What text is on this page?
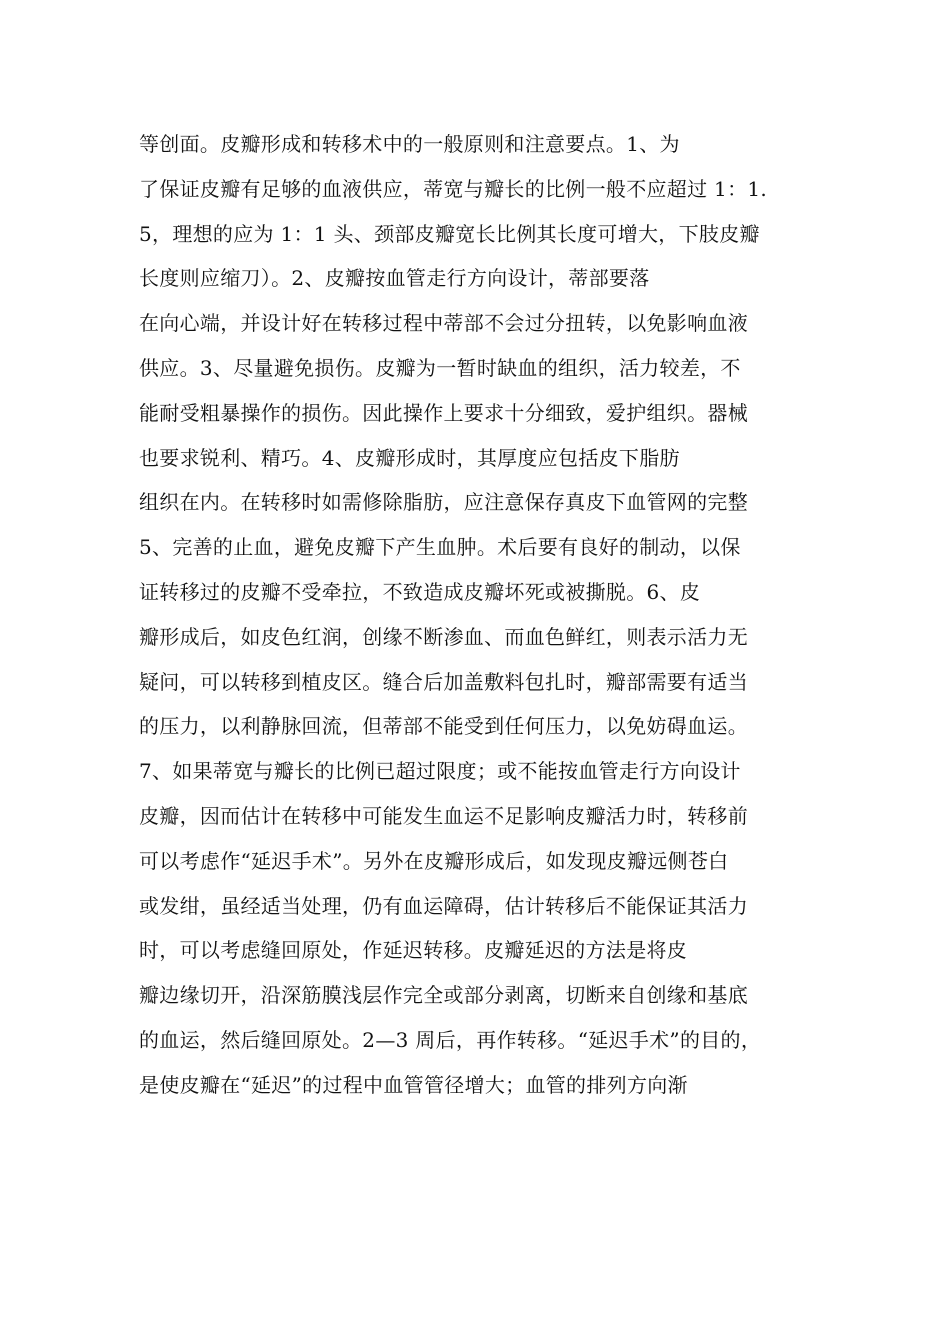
等创面。皮瓣形成和转移术中的一般原则和注意要点。1、为
了保证皮瓣有足够的血液供应，蒂宽与瓣长的比例一般不应超过 1：1.
5，理想的应为 1：1 头、颈部皮瓣宽长比例其长度可增大，下肢皮瓣
长度则应缩刀）。2、皮瓣按血管走行方向设计，蒂部要落
在向心端，并设计好在转移过程中蒂部不会过分扭转，以免影响血液
供应。3、尽量避免损伤。皮瓣为一暂时缺血的组织，活力较差，不
能耐受粗暴操作的损伤。因此操作上要求十分细致，爱护组织。器械
也要求锐利、精巧。4、皮瓣形成时，其厚度应包括皮下脂肪
组织在内。在转移时如需修除脂肪，应注意保存真皮下血管网的完整
5、完善的止血，避免皮瓣下产生血肿。术后要有良好的制动，以保
证转移过的皮瓣不受牵拉，不致造成皮瓣坏死或被撕脱。6、皮
瓣形成后，如皮色红润，创缘不断渗血、而血色鲜红，则表示活力无
疑问，可以转移到植皮区。缝合后加盖敷料包扎时，瓣部需要有适当
的压力，以利静脉回流，但蒂部不能受到任何压力，以免妨碍血运。
7、如果蒂宽与瓣长的比例已超过限度；或不能按血管走行方向设计
皮瓣，因而估计在转移中可能发生血运不足影响皮瓣活力时，转移前
可以考虑作“延迟手术”。另外在皮瓣形成后，如发现皮瓣远侧苍白
或发绀，虽经适当处理，仍有血运障碍，估计转移后不能保证其活力
时，可以考虑缝回原处，作延迟转移。皮瓣延迟的方法是将皮
瓣边缘切开，沿深筋膜浅层作完全或部分剥离，切断来自创缘和基底
的血运，然后缝回原处。2—3 周后，再作转移。“延迟手术”的目的，
是使皮瓣在“延迟”的过程中血管管径增大；血管的排列方向渐
